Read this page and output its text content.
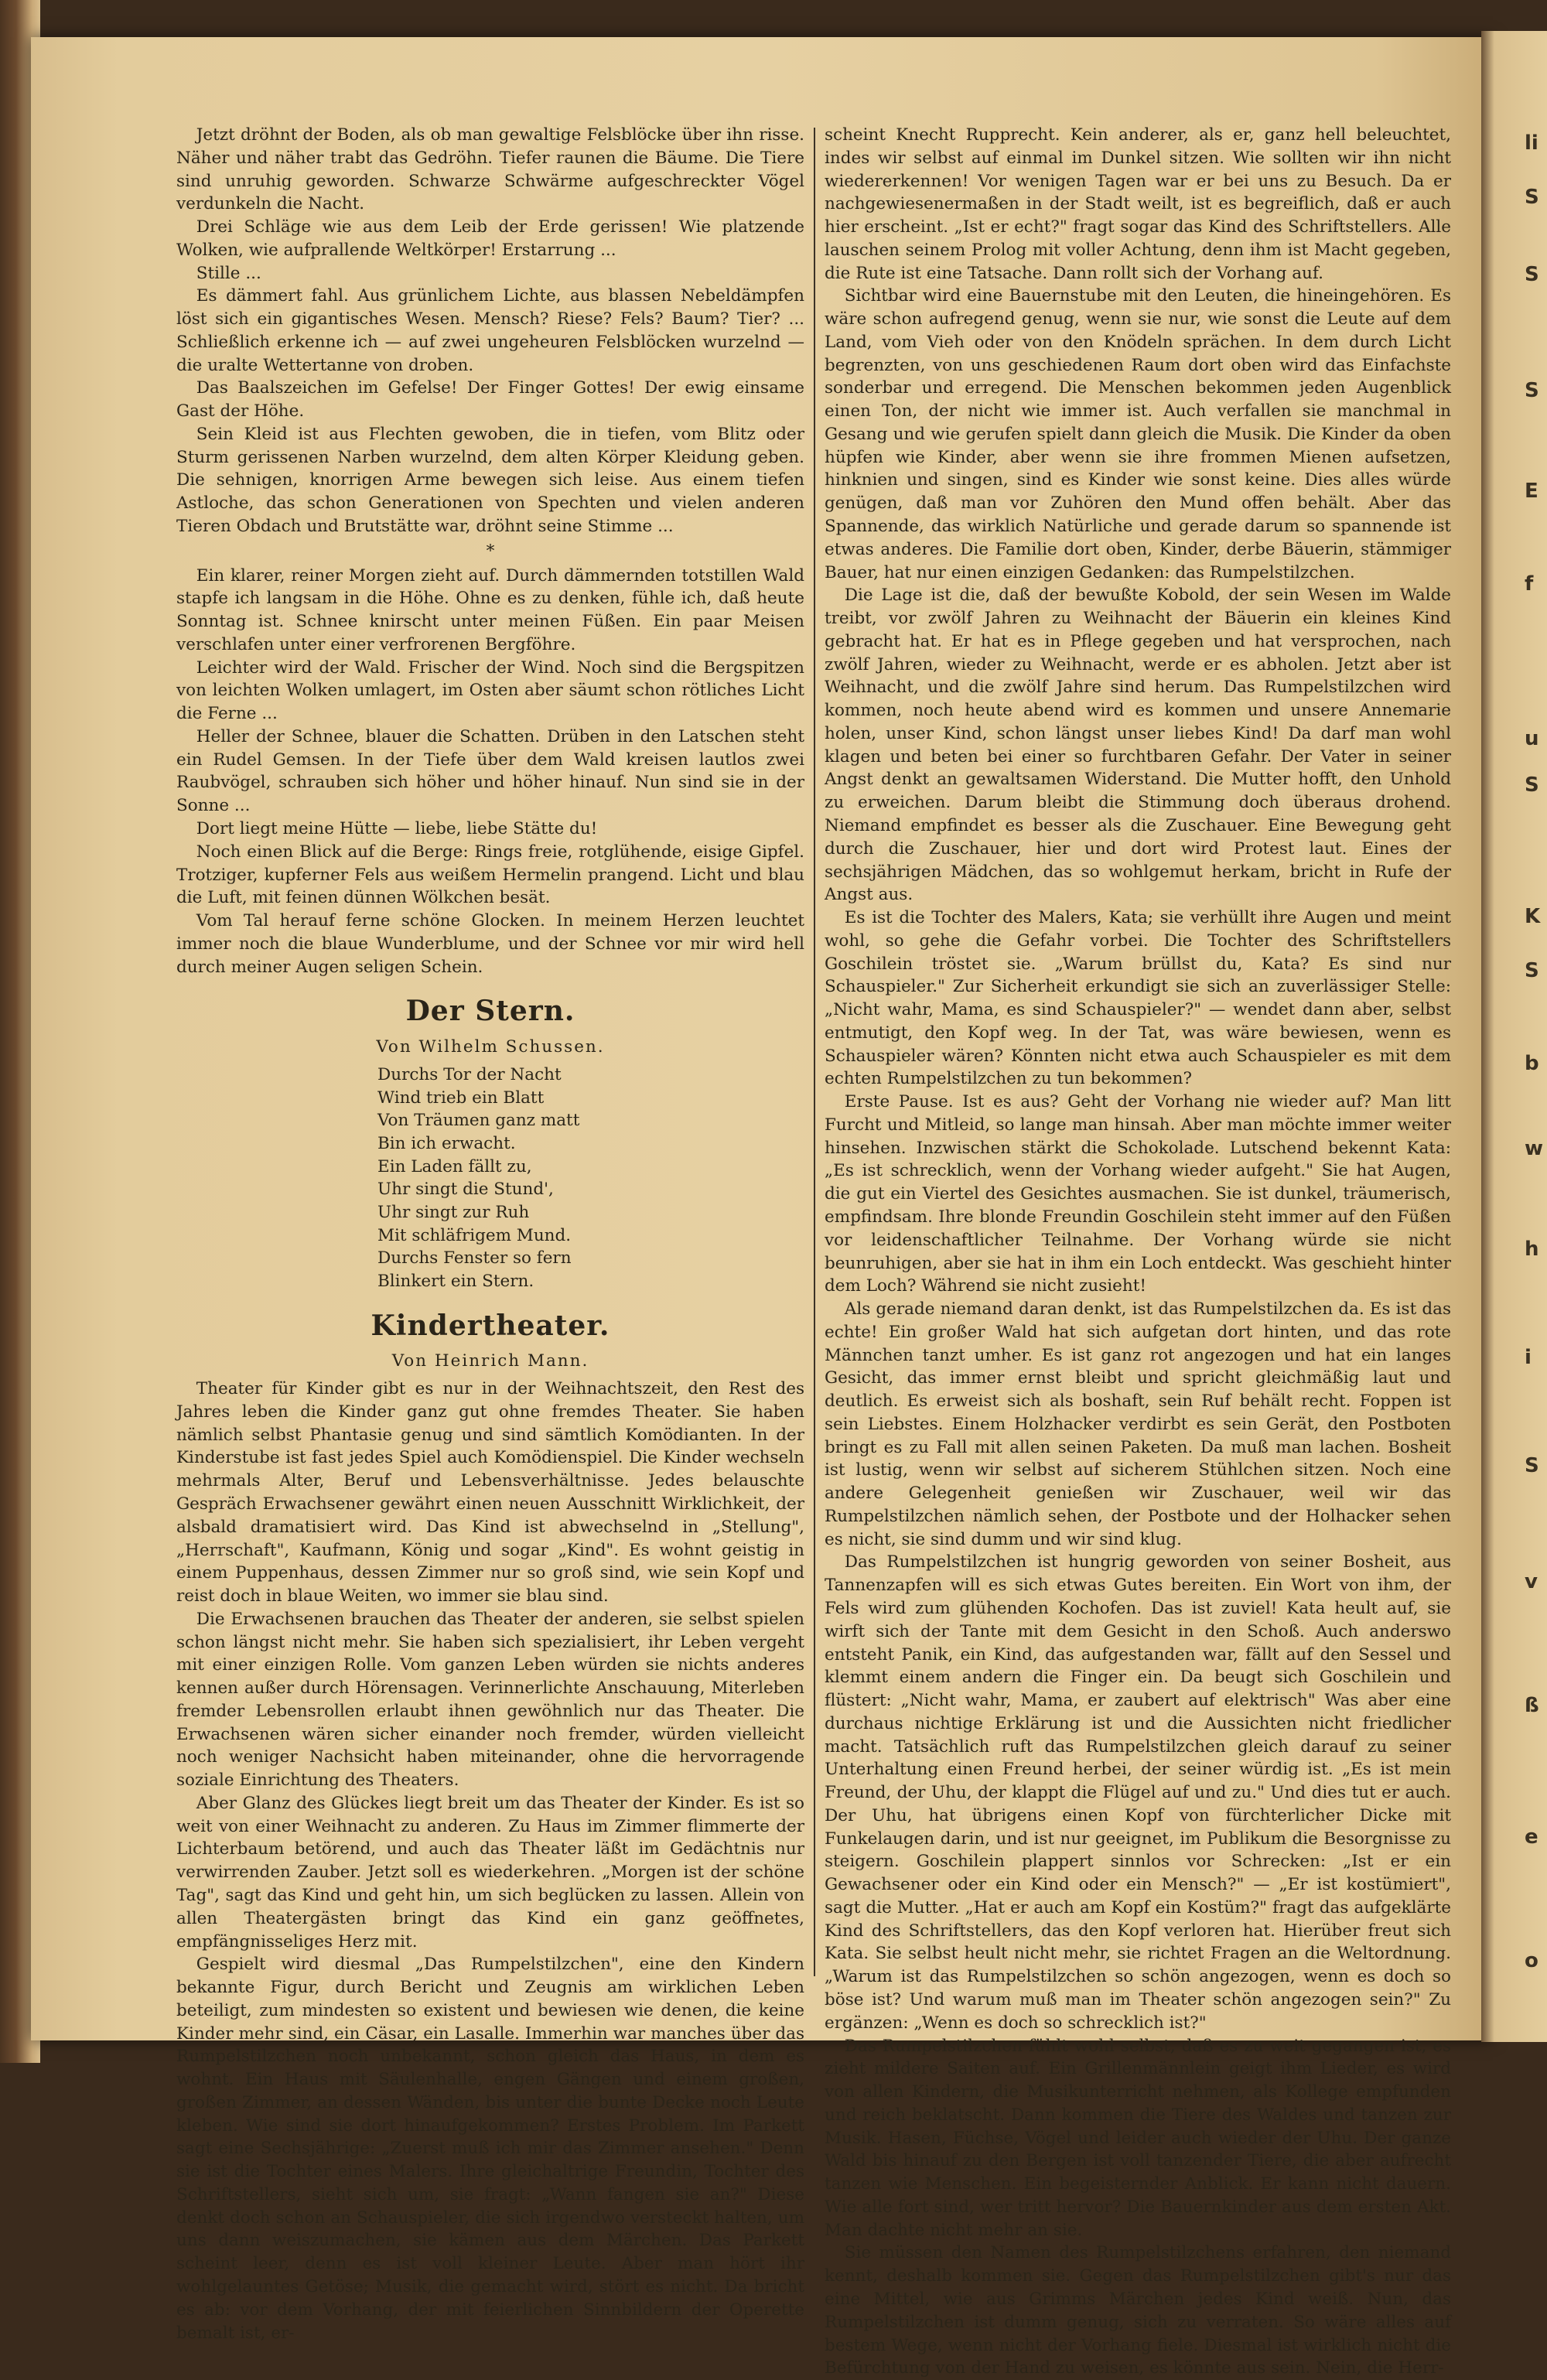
li
S
S
S
E
f
u
S
K
S
b
w
h
i
S
v
ß
e
o

Jetzt dröhnt der Boden, als ob man gewaltige Felsblöcke über ihn risse. Näher und näher trabt das Gedröhn. Tiefer raunen die Bäume. Die Tiere sind unruhig geworden. Schwarze Schwärme aufgeschreckter Vögel verdunkeln die Nacht.

Drei Schläge wie aus dem Leib der Erde gerissen! Wie platzende Wolken, wie aufprallende Weltkörper! Erstarrung ...

Stille ...

Es dämmert fahl. Aus grünlichem Lichte, aus blassen Nebeldämpfen löst sich ein gigantisches Wesen. Mensch? Riese? Fels? Baum? Tier? ... Schließlich erkenne ich — auf zwei ungeheuren Felsblöcken wurzelnd — die uralte Wettertanne von droben.

Das Baalszeichen im Gefelse! Der Finger Gottes! Der ewig einsame Gast der Höhe.

Sein Kleid ist aus Flechten gewoben, die in tiefen, vom Blitz oder Sturm gerissenen Narben wurzelnd, dem alten Körper Kleidung geben. Die sehnigen, knorrigen Arme bewegen sich leise. Aus einem tiefen Astloche, das schon Generationen von Spechten und vielen anderen Tieren Obdach und Brutstätte war, dröhnt seine Stimme ...

*

Ein klarer, reiner Morgen zieht auf. Durch dämmernden totstillen Wald stapfe ich langsam in die Höhe. Ohne es zu denken, fühle ich, daß heute Sonntag ist. Schnee knirscht unter meinen Füßen. Ein paar Meisen verschlafen unter einer verfrorenen Bergföhre.

Leichter wird der Wald. Frischer der Wind. Noch sind die Bergspitzen von leichten Wolken umlagert, im Osten aber säumt schon rötliches Licht die Ferne ...

Heller der Schnee, blauer die Schatten. Drüben in den Latschen steht ein Rudel Gemsen. In der Tiefe über dem Wald kreisen lautlos zwei Raubvögel, schrauben sich höher und höher hinauf. Nun sind sie in der Sonne ...

Dort liegt meine Hütte — liebe, liebe Stätte du!

Noch einen Blick auf die Berge: Rings freie, rotglühende, eisige Gipfel. Trotziger, kupferner Fels aus weißem Hermelin prangend. Licht und blau die Luft, mit feinen dünnen Wölkchen besät.

Vom Tal herauf ferne schöne Glocken. In meinem Herzen leuchtet immer noch die blaue Wunderblume, und der Schnee vor mir wird hell durch meiner Augen seligen Schein.

Der Stern.
Von Wilhelm Schussen.
Durchs Tor der Nacht
Wind trieb ein Blatt
Von Träumen ganz matt
Bin ich erwacht.
Ein Laden fällt zu,
Uhr singt die Stund',
Uhr singt zur Ruh
Mit schläfrigem Mund.
Durchs Fenster so fern
Blinkert ein Stern.
Kindertheater.
Von Heinrich Mann.

Theater für Kinder gibt es nur in der Weihnachtszeit, den Rest des Jahres leben die Kinder ganz gut ohne fremdes Theater. Sie haben nämlich selbst Phantasie genug und sind sämtlich Komödianten. In der Kinderstube ist fast jedes Spiel auch Komödienspiel. Die Kinder wechseln mehrmals Alter, Beruf und Lebensverhältnisse. Jedes belauschte Gespräch Erwachsener gewährt einen neuen Ausschnitt Wirklichkeit, der alsbald dramatisiert wird. Das Kind ist abwechselnd in „Stellung", „Herrschaft", Kaufmann, König und sogar „Kind". Es wohnt geistig in einem Puppenhaus, dessen Zimmer nur so groß sind, wie sein Kopf und reist doch in blaue Weiten, wo immer sie blau sind.

Die Erwachsenen brauchen das Theater der anderen, sie selbst spielen schon längst nicht mehr. Sie haben sich spezialisiert, ihr Leben vergeht mit einer einzigen Rolle. Vom ganzen Leben würden sie nichts anderes kennen außer durch Hörensagen. Verinnerlichte Anschauung, Miterleben fremder Lebensrollen erlaubt ihnen gewöhnlich nur das Theater. Die Erwachsenen wären sicher einander noch fremder, würden vielleicht noch weniger Nachsicht haben miteinander, ohne die hervorragende soziale Einrichtung des Theaters.

Aber Glanz des Glückes liegt breit um das Theater der Kinder. Es ist so weit von einer Weihnacht zu anderen. Zu Haus im Zimmer flimmerte der Lichterbaum betörend, und auch das Theater läßt im Gedächtnis nur verwirrenden Zauber. Jetzt soll es wiederkehren. „Morgen ist der schöne Tag", sagt das Kind und geht hin, um sich beglücken zu lassen. Allein von allen Theatergästen bringt das Kind ein ganz geöffnetes, empfängnisseliges Herz mit.

Gespielt wird diesmal „Das Rumpelstilzchen", eine den Kindern bekannte Figur, durch Bericht und Zeugnis am wirklichen Leben beteiligt, zum mindesten so existent und bewiesen wie denen, die keine Kinder mehr sind, ein Cäsar, ein Lasalle. Immerhin war manches über das Rumpelstilzchen noch unbekannt, schon gleich das Haus, in dem es wohnt. Ein Haus mit Säulenhalle, engen Gängen und einem großen, großen Zimmer, an dessen Wänden, bis unter die bunte Decke noch Leute kleben. Wie sind sie dort hinaufgekommen? Erstes Problem. Im Parkett sagt eine Sechsjährige: „Zuerst muß ich mir das Zimmer ansehen." Denn sie ist die Tochter eines Malers. Ihre gleichaltrige Freundin, Tochter des Schriftstellers, sieht sich um, sie fragt: „Wann fangen sie an?" Diese denkt doch schon an Schauspieler, die sich irgendwo versteckt halten, um uns dann weiszumachen, sie kämen aus dem Märchen. Das Parkett scheint leer, denn es ist voll kleiner Leute. Aber man hört ihr wohlgelauntes Getöse; Musik, die gemacht wird, stört es nicht. Da bricht es ab: vor dem Vorhang, der mit feierlichen Sinnbildern der Operette bemalt ist, er-

scheint Knecht Rupprecht. Kein anderer, als er, ganz hell beleuchtet, indes wir selbst auf einmal im Dunkel sitzen. Wie sollten wir ihn nicht wiedererkennen! Vor wenigen Tagen war er bei uns zu Besuch. Da er nachgewiesenermaßen in der Stadt weilt, ist es begreiflich, daß er auch hier erscheint. „Ist er echt?" fragt sogar das Kind des Schriftstellers. Alle lauschen seinem Prolog mit voller Achtung, denn ihm ist Macht gegeben, die Rute ist eine Tatsache. Dann rollt sich der Vorhang auf.

Sichtbar wird eine Bauernstube mit den Leuten, die hineingehören. Es wäre schon aufregend genug, wenn sie nur, wie sonst die Leute auf dem Land, vom Vieh oder von den Knödeln sprächen. In dem durch Licht begrenzten, von uns geschiedenen Raum dort oben wird das Einfachste sonderbar und erregend. Die Menschen bekommen jeden Augenblick einen Ton, der nicht wie immer ist. Auch verfallen sie manchmal in Gesang und wie gerufen spielt dann gleich die Musik. Die Kinder da oben hüpfen wie Kinder, aber wenn sie ihre frommen Mienen aufsetzen, hinknien und singen, sind es Kinder wie sonst keine. Dies alles würde genügen, daß man vor Zuhören den Mund offen behält. Aber das Spannende, das wirklich Natürliche und gerade darum so spannende ist etwas anderes. Die Familie dort oben, Kinder, derbe Bäuerin, stämmiger Bauer, hat nur einen einzigen Gedanken: das Rumpelstilzchen.

Die Lage ist die, daß der bewußte Kobold, der sein Wesen im Walde treibt, vor zwölf Jahren zu Weihnacht der Bäuerin ein kleines Kind gebracht hat. Er hat es in Pflege gegeben und hat versprochen, nach zwölf Jahren, wieder zu Weihnacht, werde er es abholen. Jetzt aber ist Weihnacht, und die zwölf Jahre sind herum. Das Rumpelstilzchen wird kommen, noch heute abend wird es kommen und unsere Annemarie holen, unser Kind, schon längst unser liebes Kind! Da darf man wohl klagen und beten bei einer so furchtbaren Gefahr. Der Vater in seiner Angst denkt an gewaltsamen Widerstand. Die Mutter hofft, den Unhold zu erweichen. Darum bleibt die Stimmung doch überaus drohend. Niemand empfindet es besser als die Zuschauer. Eine Bewegung geht durch die Zuschauer, hier und dort wird Protest laut. Eines der sechsjährigen Mädchen, das so wohlgemut herkam, bricht in Rufe der Angst aus.

Es ist die Tochter des Malers, Kata; sie verhüllt ihre Augen und meint wohl, so gehe die Gefahr vorbei. Die Tochter des Schriftstellers Goschilein tröstet sie. „Warum brüllst du, Kata? Es sind nur Schauspieler." Zur Sicherheit erkundigt sie sich an zuverlässiger Stelle: „Nicht wahr, Mama, es sind Schauspieler?" — wendet dann aber, selbst entmutigt, den Kopf weg. In der Tat, was wäre bewiesen, wenn es Schauspieler wären? Könnten nicht etwa auch Schauspieler es mit dem echten Rumpelstilzchen zu tun bekommen?

Erste Pause. Ist es aus? Geht der Vorhang nie wieder auf? Man litt Furcht und Mitleid, so lange man hinsah. Aber man möchte immer weiter hinsehen. Inzwischen stärkt die Schokolade. Lutschend bekennt Kata: „Es ist schrecklich, wenn der Vorhang wieder aufgeht." Sie hat Augen, die gut ein Viertel des Gesichtes ausmachen. Sie ist dunkel, träumerisch, empfindsam. Ihre blonde Freundin Goschilein steht immer auf den Füßen vor leidenschaftlicher Teilnahme. Der Vorhang würde sie nicht beunruhigen, aber sie hat in ihm ein Loch entdeckt. Was geschieht hinter dem Loch? Während sie nicht zusieht!

Als gerade niemand daran denkt, ist das Rumpelstilzchen da. Es ist das echte! Ein großer Wald hat sich aufgetan dort hinten, und das rote Männchen tanzt umher. Es ist ganz rot angezogen und hat ein langes Gesicht, das immer ernst bleibt und spricht gleichmäßig laut und deutlich. Es erweist sich als boshaft, sein Ruf behält recht. Foppen ist sein Liebstes. Einem Holzhacker verdirbt es sein Gerät, den Postboten bringt es zu Fall mit allen seinen Paketen. Da muß man lachen. Bosheit ist lustig, wenn wir selbst auf sicherem Stühlchen sitzen. Noch eine andere Gelegenheit genießen wir Zuschauer, weil wir das Rumpelstilzchen nämlich sehen, der Postbote und der Holhacker sehen es nicht, sie sind dumm und wir sind klug.

Das Rumpelstilzchen ist hungrig geworden von seiner Bosheit, aus Tannenzapfen will es sich etwas Gutes bereiten. Ein Wort von ihm, der Fels wird zum glühenden Kochofen. Das ist zuviel! Kata heult auf, sie wirft sich der Tante mit dem Gesicht in den Schoß. Auch anderswo entsteht Panik, ein Kind, das aufgestanden war, fällt auf den Sessel und klemmt einem andern die Finger ein. Da beugt sich Goschilein und flüstert: „Nicht wahr, Mama, er zaubert auf elektrisch" Was aber eine durchaus nichtige Erklärung ist und die Aussichten nicht friedlicher macht. Tatsächlich ruft das Rumpelstilzchen gleich darauf zu seiner Unterhaltung einen Freund herbei, der seiner würdig ist. „Es ist mein Freund, der Uhu, der klappt die Flügel auf und zu." Und dies tut er auch. Der Uhu, hat übrigens einen Kopf von fürchterlicher Dicke mit Funkelaugen darin, und ist nur geeignet, im Publikum die Besorgnisse zu steigern. Goschilein plappert sinnlos vor Schrecken: „Ist er ein Gewachsener oder ein Kind oder ein Mensch?" — „Er ist kostümiert", sagt die Mutter. „Hat er auch am Kopf ein Kostüm?" fragt das aufgeklärte Kind des Schriftstellers, das den Kopf verloren hat. Hierüber freut sich Kata. Sie selbst heult nicht mehr, sie richtet Fragen an die Weltordnung. „Warum ist das Rumpelstilzchen so schön angezogen, wenn es doch so böse ist? Und warum muß man im Theater schön angezogen sein?" Zu ergänzen: „Wenn es doch so schrecklich ist?"

Das Rumpelstilzchen fühlt wohl selbst, daß es zu weit gegangen ist, es zieht mildere Saiten auf. Ein Grillenmännlein geigt ihm Lieder, es wird von allen Kindern, die Musikunterricht nehmen, als Kollege empfunden und reich beklatscht. Dann kommen die Tiere des Waldes und tanzen zur Musik. Hasen, Füchse, Vögel und leider auch wieder der Uhu. Der ganze Wald bis hinauf zu den Bergen ist voll tanzender Tiere, die aber aufrecht tanzen wie Menschen. Ein begeisternder Anblick. Er kann nicht dauern. Wie alle fort sind, wer tritt hervor? Die Bauernkinder aus dem ersten Akt. Man dachte nicht mehr an sie.

Sie müssen den Namen des Rumpelstilzchens erfahren, den niemand kennt, deshalb kommen sie. Gegen das Rumpelstilzchen gibt's nur das eine Mittel, wie aus Grimms Märchen jedes Kind weiß. Nun, das Rumpelstilzchen ist dumm genug, sich zu verraten. So wäre alles auf bestem Wege, wenn nicht der Vorhang fiele. Diesmal ist wirklich nicht die Befürchtung von der Hand zu weisen, es könnte aus sein. Nein, die Herr-
